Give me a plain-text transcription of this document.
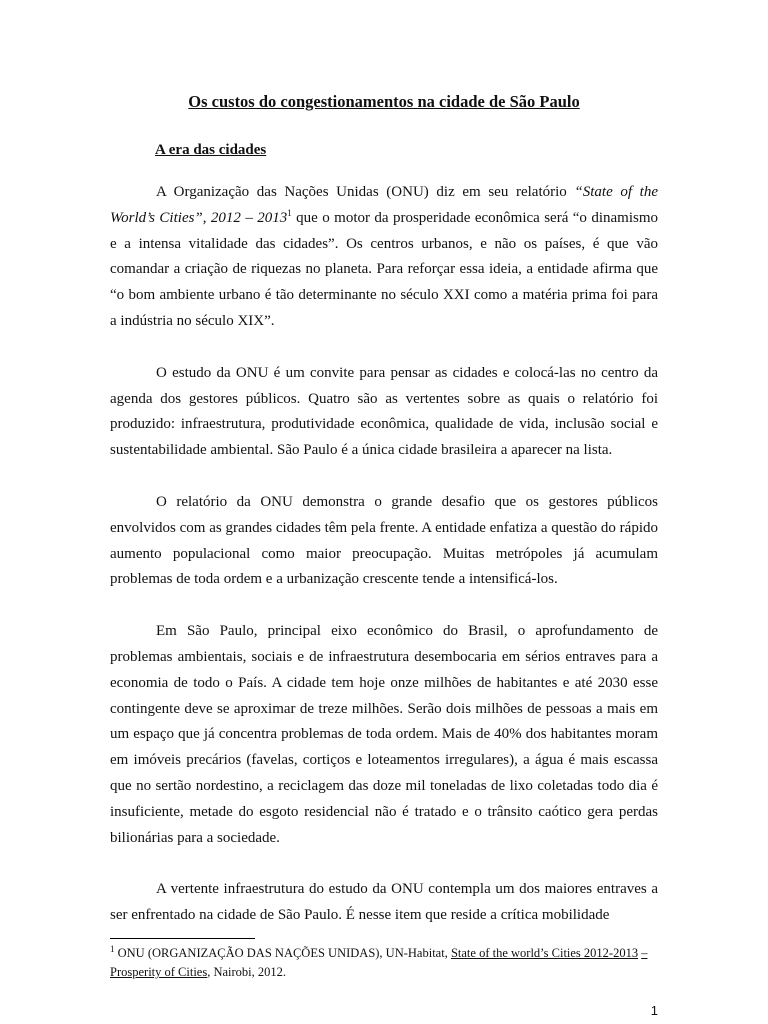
Os custos do congestionamentos na cidade de São Paulo
A era das cidades

A Organização das Nações Unidas (ONU) diz em seu relatório “State of the World’s Cities”, 2012 – 2013$^1$ que o motor da prosperidade econômica será “o dinamismo e a intensa vitalidade das cidades”. Os centros urbanos, e não os países, é que vão comandar a criação de riquezas no planeta. Para reforçar essa ideia, a entidade afirma que “o bom ambiente urbano é tão determinante no século XXI como a matéria prima foi para a indústria no século XIX”.

O estudo da ONU é um convite para pensar as cidades e colocá-las no centro da agenda dos gestores públicos. Quatro são as vertentes sobre as quais o relatório foi produzido: infraestrutura, produtividade econômica, qualidade de vida, inclusão social e sustentabilidade ambiental. São Paulo é a única cidade brasileira a aparecer na lista.

O relatório da ONU demonstra o grande desafio que os gestores públicos envolvidos com as grandes cidades têm pela frente. A entidade enfatiza a questão do rápido aumento populacional como maior preocupação. Muitas metrópoles já acumulam problemas de toda ordem e a urbanização crescente tende a intensificá-los.

Em São Paulo, principal eixo econômico do Brasil, o aprofundamento de problemas ambientais, sociais e de infraestrutura desembocaria em sérios entraves para a economia de todo o País. A cidade tem hoje onze milhões de habitantes e até 2030 esse contingente deve se aproximar de treze milhões. Serão dois milhões de pessoas a mais em um espaço que já concentra problemas de toda ordem. Mais de 40% dos habitantes moram em imóveis precários (favelas, cortiços e loteamentos irregulares), a água é mais escassa que no sertão nordestino, a reciclagem das doze mil toneladas de lixo coletadas todo dia é insuficiente, metade do esgoto residencial não é tratado e o trânsito caótico gera perdas bilionárias para a sociedade.

A vertente infraestrutura do estudo da ONU contempla um dos maiores entraves a ser enfrentado na cidade de São Paulo. É nesse item que reside a crítica mobilidade

$^1$ ONU (ORGANIZAÇÃO DAS NAÇÕES UNIDAS), UN-Habitat, State of the world’s Cities 2012-2013 – Prosperity of Cities, Nairobi, 2012.
1
